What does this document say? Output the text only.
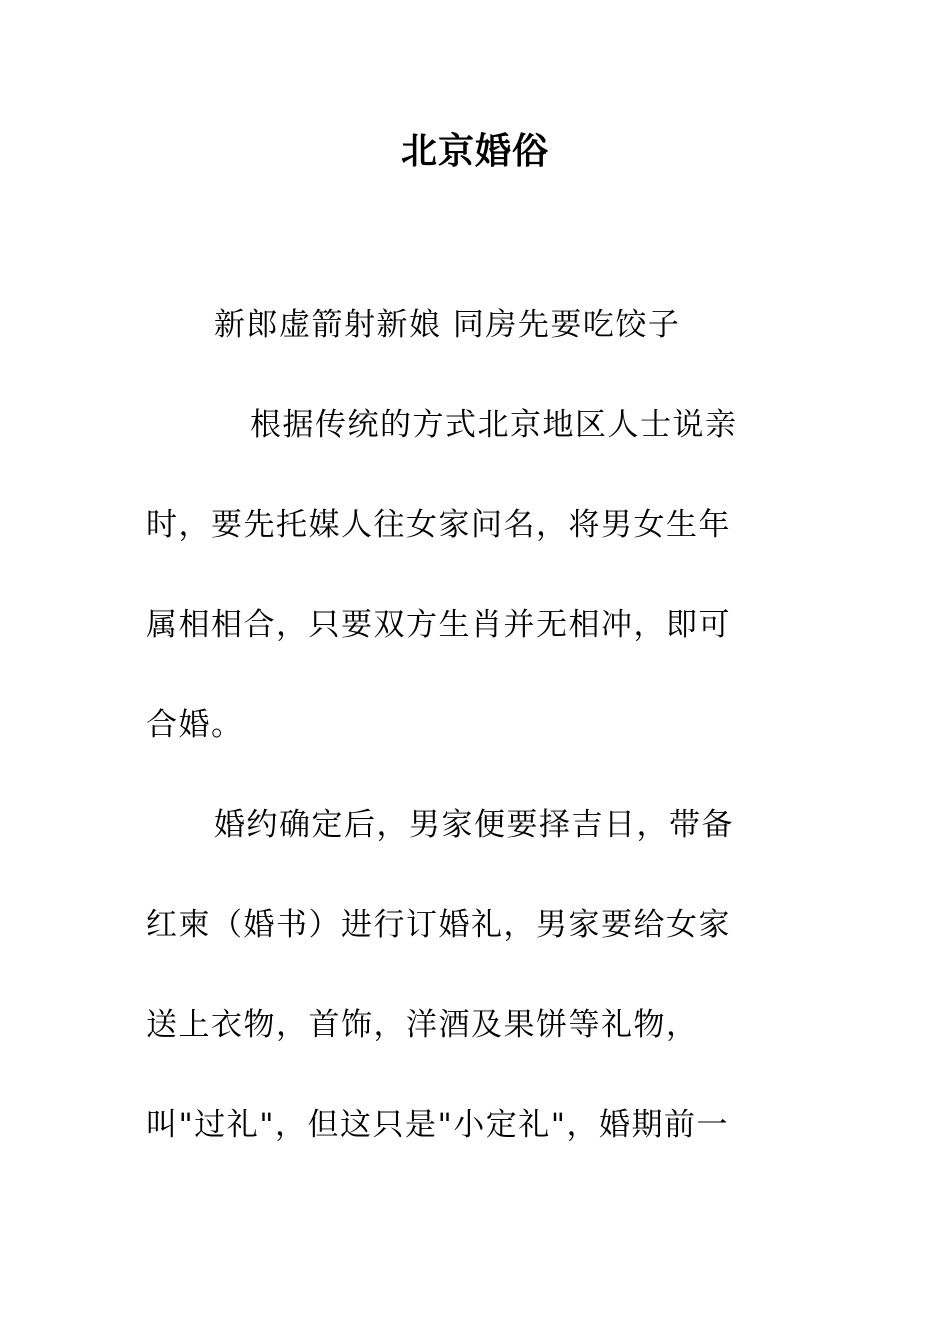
北京婚俗
新郎虚箭射新娘 同房先要吃饺子
根据传统的方式北京地区人士说亲
时，要先托媒人往女家问名，将男女生年
属相相合，只要双方生肖并无相冲，即可
合婚。
婚约确定后，男家便要择吉日，带备
红柬（婚书）进行订婚礼，男家要给女家
送上衣物，首饰，洋酒及果饼等礼物，
叫"过礼"，但这只是"小定礼"，婚期前一
